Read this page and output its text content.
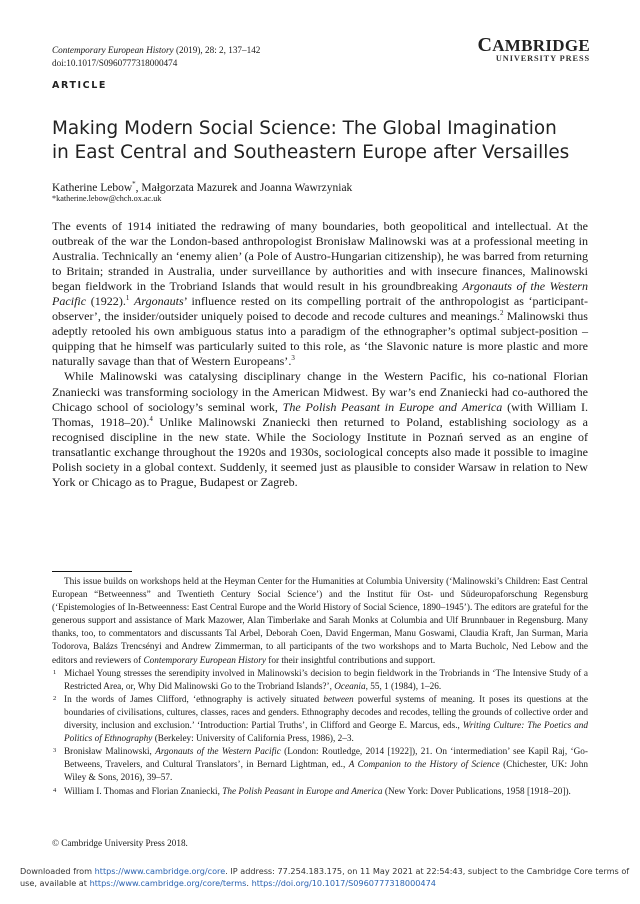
Contemporary European History (2019), 28: 2, 137–142
doi:10.1017/S0960777318000474
CAMBRIDGE
UNIVERSITY PRESS
ARTICLE
Making Modern Social Science: The Global Imagination
in East Central and Southeastern Europe after Versailles
Katherine Lebow*, Małgorzata Mazurek and Joanna Wawrzyniak
*katherine.lebow@chch.ox.ac.uk

The events of 1914 initiated the redrawing of many boundaries, both geopolitical and intellectual. At the outbreak of the war the London-based anthropologist Bronisław Malinowski was at a professional meeting in Australia. Technically an ‘enemy alien’ (a Pole of Austro-Hungarian citizenship), he was barred from returning to Britain; stranded in Australia, under surveillance by authorities and with insecure finances, Malinowski began fieldwork in the Trobriand Islands that would result in his groundbreaking Argonauts of the Western Pacific (1922).$^1$ Argonauts’ influence rested on its compelling portrait of the anthropologist as ‘participant-observer’, the insider/outsider uniquely poised to decode and recode cultures and meanings.$^2$ Malinowski thus adeptly retooled his own ambiguous status into a paradigm of the ethnographer’s optimal subject-position – quipping that he himself was particularly suited to this role, as ‘the Slavonic nature is more plastic and more naturally savage than that of Western Europeans’.$^3$

While Malinowski was catalysing disciplinary change in the Western Pacific, his co-national Florian Znaniecki was transforming sociology in the American Midwest. By war’s end Znaniecki had co-authored the Chicago school of sociology’s seminal work, The Polish Peasant in Europe and America (with William I. Thomas, 1918–20).$^4$ Unlike Malinowski Znaniecki then returned to Poland, establishing sociology as a recognised discipline in the new state. While the Sociology Institute in Poznań served as an engine of transatlantic exchange throughout the 1920s and 1930s, sociological concepts also made it possible to imagine Polish society in a global context. Suddenly, it seemed just as plausible to consider Warsaw in relation to New York or Chicago as to Prague, Budapest or Zagreb.

This issue builds on workshops held at the Heyman Center for the Humanities at Columbia University (‘Malinowski’s Children: East Central European “Betweenness” and Twentieth Century Social Science’) and the Institut für Ost- und Südeuropaforschung Regensburg (‘Epistemologies of In-Betweenness: East Central Europe and the World History of Social Science, 1890–1945’). The editors are grateful for the generous support and assistance of Mark Mazower, Alan Timberlake and Sarah Monks at Columbia and Ulf Brunnbauer in Regensburg. Many thanks, too, to commentators and discussants Tal Arbel, Deborah Coen, David Engerman, Manu Goswami, Claudia Kraft, Jan Surman, Maria Todorova, Balázs Trencsényi and Andrew Zimmerman, to all participants of the two workshops and to Marta Bucholc, Ned Lebow and the editors and reviewers of Contemporary European History for their insightful contributions and support.

1 Michael Young stresses the serendipity involved in Malinowski’s decision to begin fieldwork in the Trobriands in ‘The Intensive Study of a Restricted Area, or, Why Did Malinowski Go to the Trobriand Islands?’, Oceania, 55, 1 (1984), 1–26.

2 In the words of James Clifford, ‘ethnography is actively situated between powerful systems of meaning. It poses its questions at the boundaries of civilisations, cultures, classes, races and genders. Ethnography decodes and recodes, telling the grounds of collective order and diversity, inclusion and exclusion.’ ‘Introduction: Partial Truths’, in Clifford and George E. Marcus, eds., Writing Culture: The Poetics and Politics of Ethnography (Berkeley: University of California Press, 1986), 2–3.

3 Bronisław Malinowski, Argonauts of the Western Pacific (London: Routledge, 2014 [1922]), 21. On ‘intermediation’ see Kapil Raj, ‘Go-Betweens, Travelers, and Cultural Translators’, in Bernard Lightman, ed., A Companion to the History of Science (Chichester, UK: John Wiley & Sons, 2016), 39–57.

4 William I. Thomas and Florian Znaniecki, The Polish Peasant in Europe and America (New York: Dover Publications, 1958 [1918–20]).

© Cambridge University Press 2018.
Downloaded from https://www.cambridge.org/core. IP address: 77.254.183.175, on 11 May 2021 at 22:54:43, subject to the Cambridge Core terms of use, available at https://www.cambridge.org/core/terms. https://doi.org/10.1017/S0960777318000474
